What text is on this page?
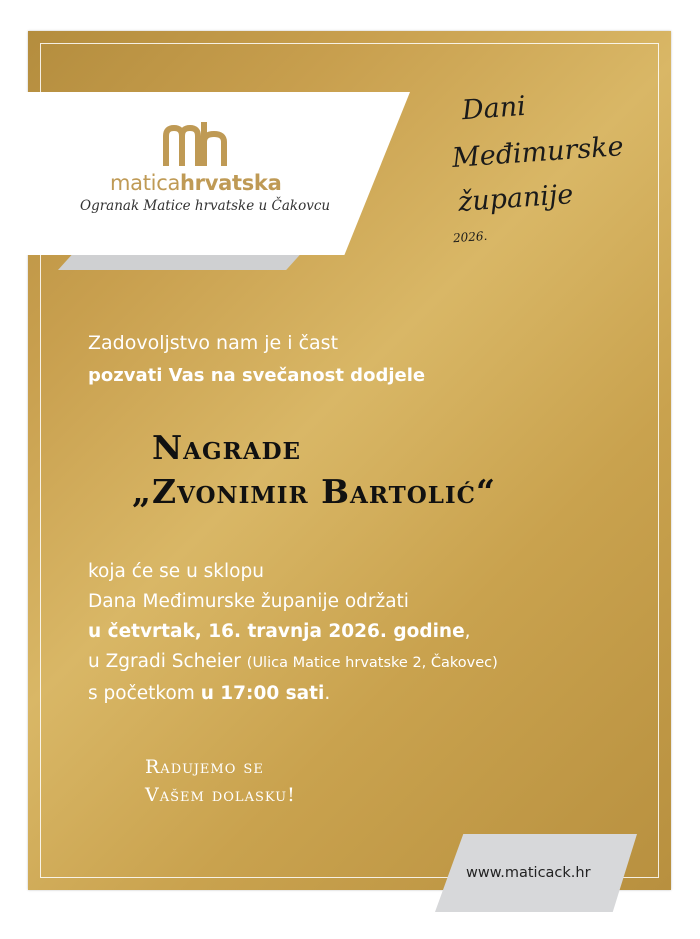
maticahrvatska
Ogranak Matice hrvatske u Čakovcu
Dani
Međimurske
županije
2026.
Zadovoljstvo nam je i čast
pozvati Vas na svečanost dodjele
Nagrade
„Zvonimir Bartolić“
koja će se u sklopu
Dana Međimurske županije održati
u četvrtak, 16. travnja 2026. godine,
u Zgradi Scheier (Ulica Matice hrvatske 2, Čakovec)
s početkom u 17:00 sati.
Radujemo se
Vašem dolasku!
www.maticack.hr
